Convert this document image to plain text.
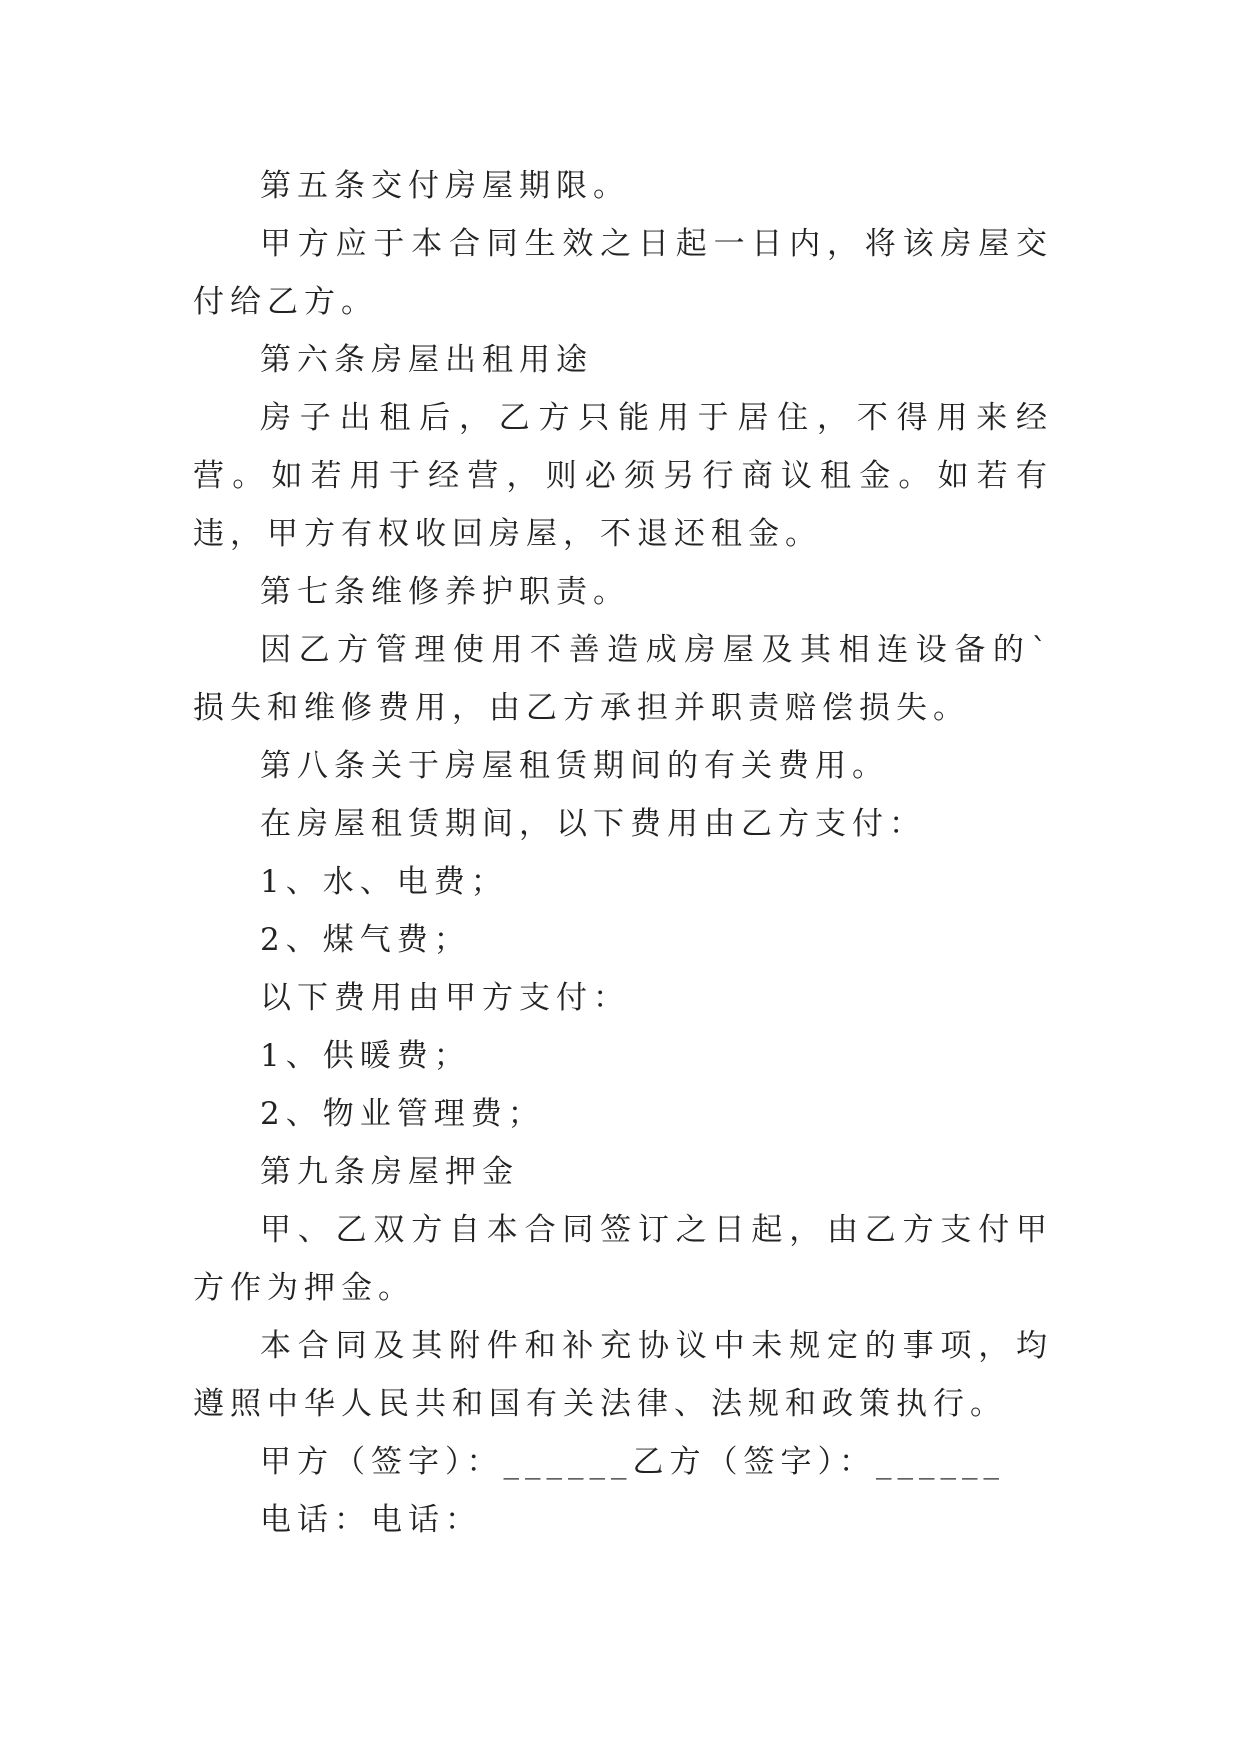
第五条交付房屋期限。

甲方应于本合同生效之日起一日内，将该房屋交付给乙方。

第六条房屋出租用途

房子出租后，乙方只能用于居住，不得用来经营。如若用于经营，则必须另行商议租金。如若有违，甲方有权收回房屋，不退还租金。

第七条维修养护职责。

因乙方管理使用不善造成房屋及其相连设备的`损失和维修费用，由乙方承担并职责赔偿损失。

第八条关于房屋租赁期间的有关费用。

在房屋租赁期间，以下费用由乙方支付：

1、水、电费；

2、煤气费；

以下费用由甲方支付：

1、供暖费；

2、物业管理费；

第九条房屋押金

甲、乙双方自本合同签订之日起，由乙方支付甲方作为押金。

本合同及其附件和补充协议中未规定的事项，均遵照中华人民共和国有关法律、法规和政策执行。

甲方（签字）：______乙方（签字）：______

电话：电话：
